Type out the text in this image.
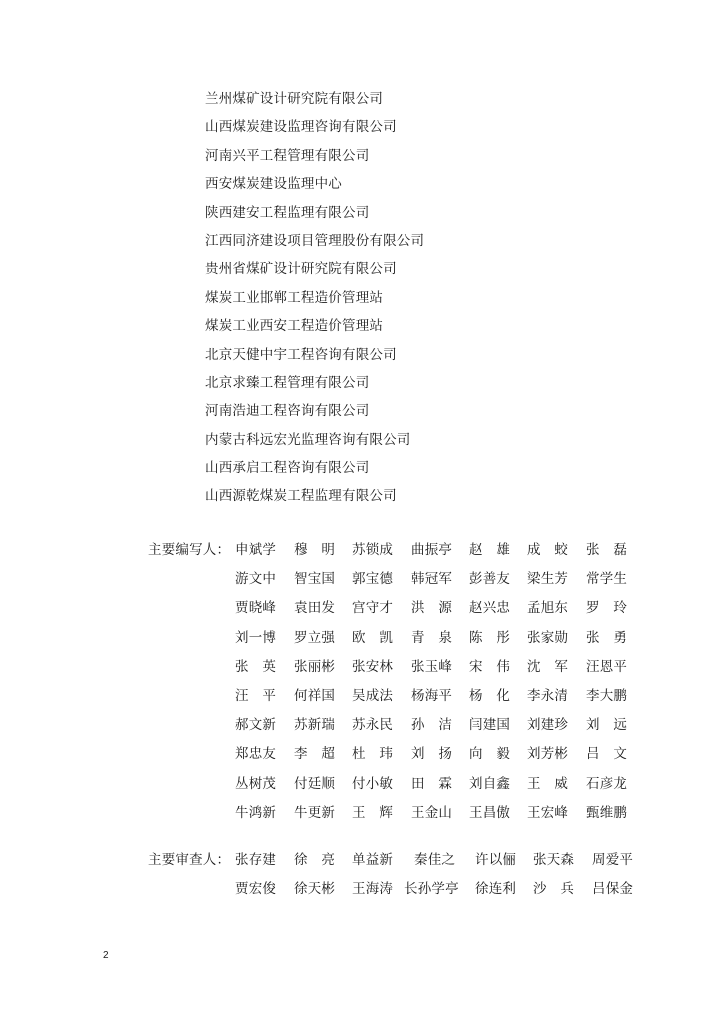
兰州煤矿设计研究院有限公司
山西煤炭建设监理咨询有限公司
河南兴平工程管理有限公司
西安煤炭建设监理中心
陕西建安工程监理有限公司
江西同济建设项目管理股份有限公司
贵州省煤矿设计研究院有限公司
煤炭工业邯郸工程造价管理站
煤炭工业西安工程造价管理站
北京天健中宇工程咨询有限公司
北京求臻工程管理有限公司
河南浩迪工程咨询有限公司
内蒙古科远宏光监理咨询有限公司
山西承启工程咨询有限公司
山西源乾煤炭工程监理有限公司
主要编写人： 申斌学 穆　明 苏锁成 曲振亭 赵　雄 成　蛟 张　磊
游文中 智宝国 郭宝德 韩冠军 彭善友 梁生芳 常学生
贾晓峰 袁田发 宫守才 洪　源 赵兴忠 孟旭东 罗　玲
刘一博 罗立强 欧　凯 青　泉 陈　彤 张家勋 张　勇
张　英 张丽彬 张安林 张玉峰 宋　伟 沈　军 汪恩平
汪　平 何祥国 吴成法 杨海平 杨　化 李永清 李大鹏
郝文新 苏新瑞 苏永民 孙　洁 闫建国 刘建珍 刘　远
郑忠友 李　超 杜　玮 刘　扬 向　毅 刘芳彬 吕　文
丛树茂 付廷顺 付小敏 田　霖 刘自鑫 王　威 石彦龙
牛鸿新 牛更新 王　辉 王金山 王昌傲 王宏峰 甄维鹏
主要审查人： 张存建 徐　亮 单益新 秦佳之 许以俪 张天森 周爱平
贾宏俊 徐天彬 王海涛 长孙学亭 徐连利 沙　兵 吕保金
2
